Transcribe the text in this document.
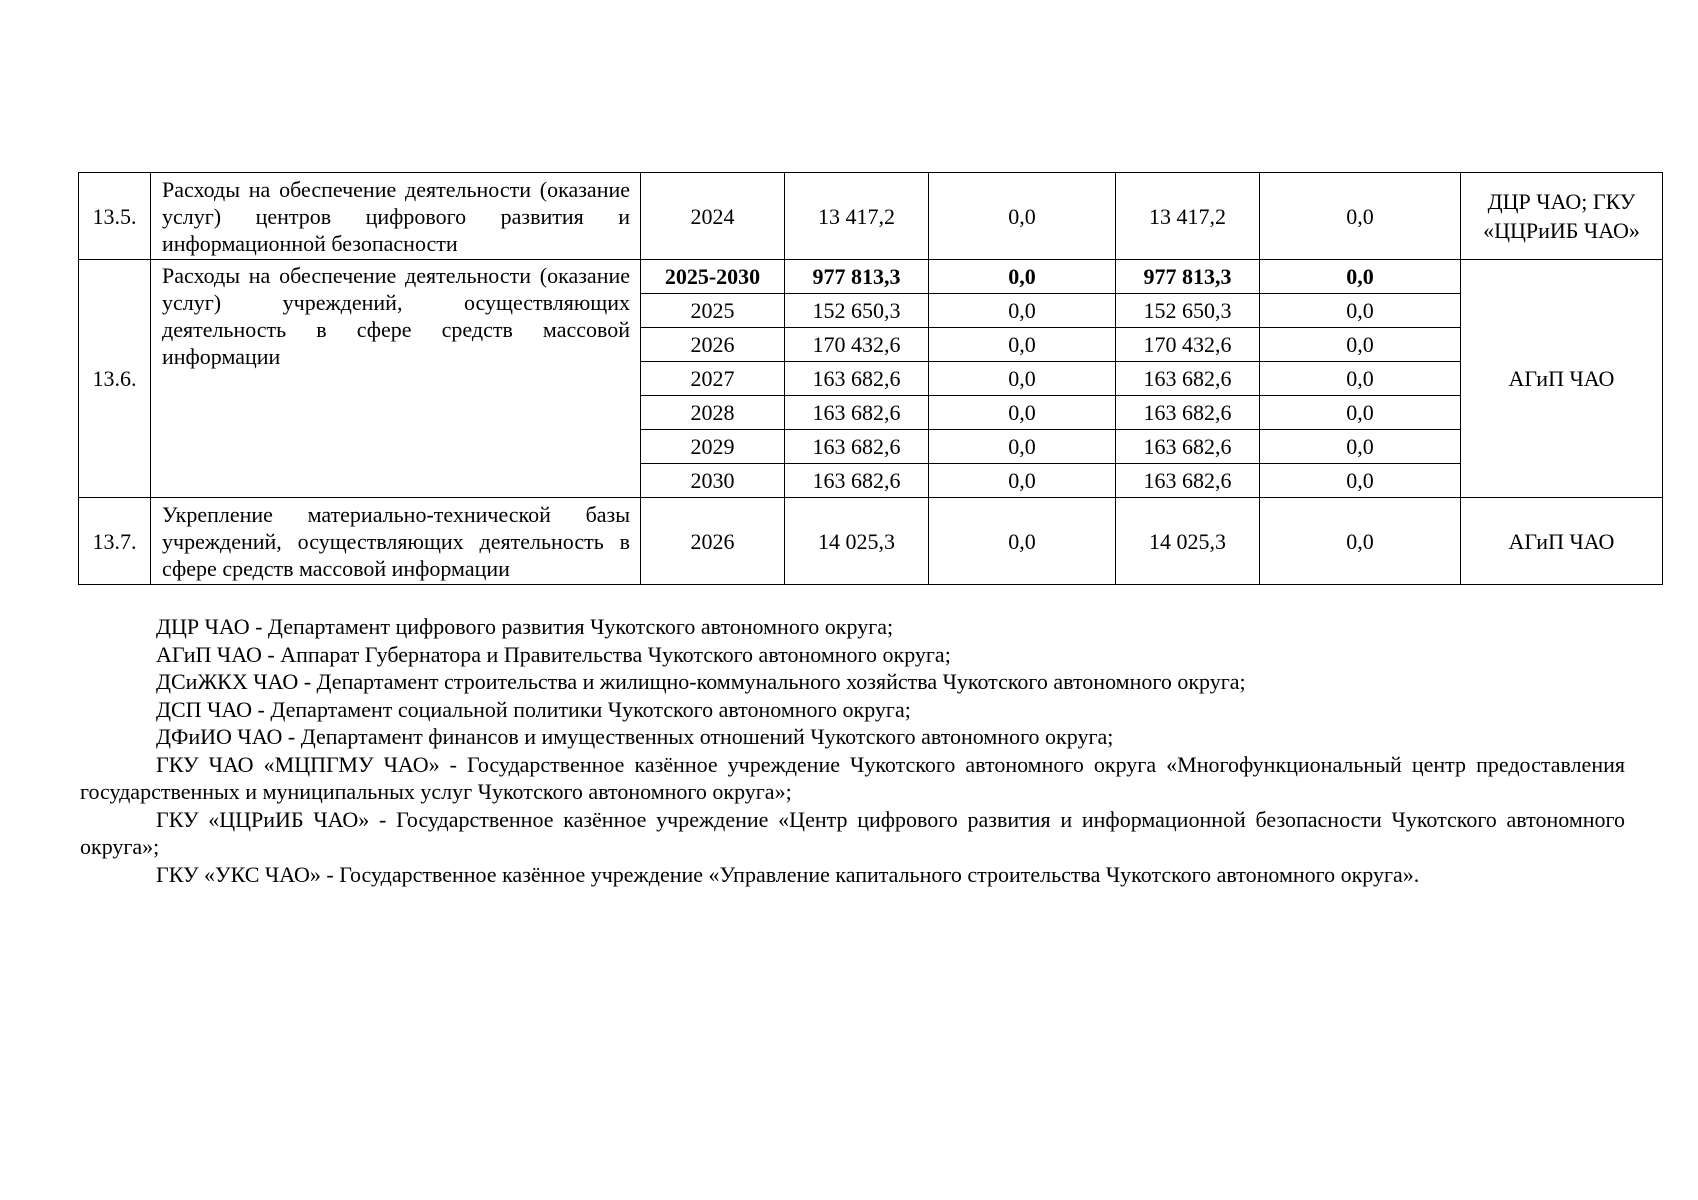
13.5.	Расходы на обеспечение деятельности (оказание услуг) центров цифрового развития и информационной безопасности	2024	13 417,2	0,0	13 417,2	0,0	ДЦР ЧАО; ГКУ «ЦЦРиИБ ЧАО»
13.6.	Расходы на обеспечение деятельности (оказание услуг) учреждений, осуществляющих деятельность в сфере средств массовой информации	2025-2030	977 813,3	0,0	977 813,3	0,0	АГиП ЧАО
		2025	152 650,3	0,0	152 650,3	0,0	
		2026	170 432,6	0,0	170 432,6	0,0	
		2027	163 682,6	0,0	163 682,6	0,0	
		2028	163 682,6	0,0	163 682,6	0,0	
		2029	163 682,6	0,0	163 682,6	0,0	
		2030	163 682,6	0,0	163 682,6	0,0	
13.7.	Укрепление материально-технической базы учреждений, осуществляющих деятельность в сфере средств массовой информации	2026	14 025,3	0,0	14 025,3	0,0	АГиП ЧАО

ДЦР ЧАО - Департамент цифрового развития Чукотского автономного округа;

АГиП ЧАО - Аппарат Губернатора и Правительства Чукотского автономного округа;

ДСиЖКХ ЧАО - Департамент строительства и жилищно-коммунального хозяйства Чукотского автономного округа;

ДСП ЧАО - Департамент социальной политики Чукотского автономного округа;

ДФиИО ЧАО - Департамент финансов и имущественных отношений Чукотского автономного округа;

ГКУ ЧАО «МЦПГМУ ЧАО» - Государственное казённое учреждение Чукотского автономного округа «Многофункциональный центр предоставления государственных и муниципальных услуг Чукотского автономного округа»;

ГКУ «ЦЦРиИБ ЧАО» - Государственное казённое учреждение «Центр цифрового развития и информационной безопасности Чукотского автономного округа»;

ГКУ «УКС ЧАО» - Государственное казённое учреждение «Управление капитального строительства Чукотского автономного округа».
